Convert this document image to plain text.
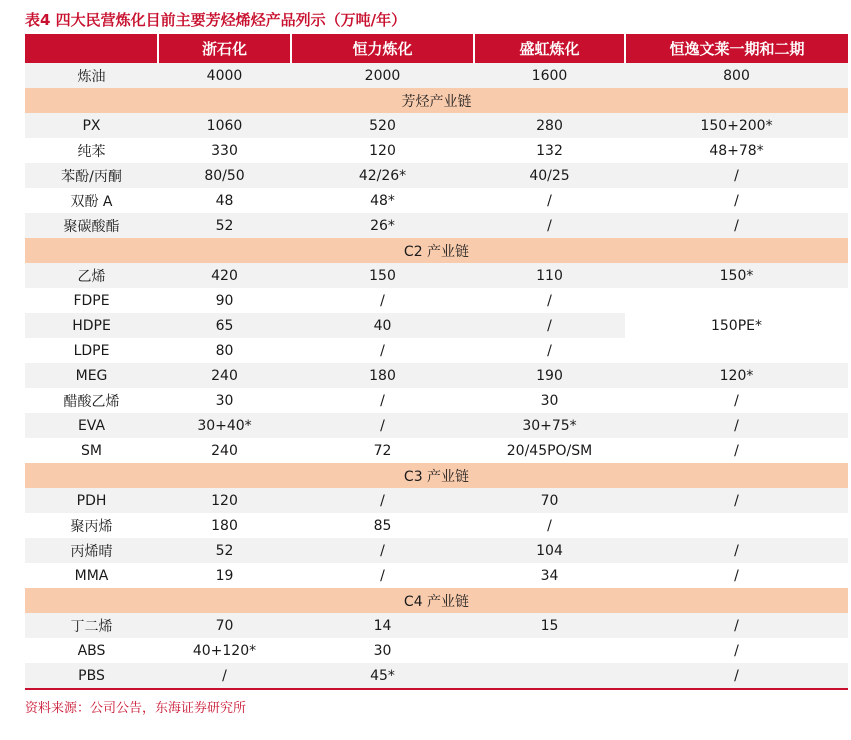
表4 四大民营炼化目前主要芳烃烯烃产品列示（万吨/年）
	浙石化	恒力炼化	盛虹炼化	恒逸文莱一期和二期
炼油	4000	2000	1600	800
芳烃产业链				
PX	1060	520	280	150+200*
纯苯	330	120	132	48+78*
苯酚/丙酮	80/50	42/26*	40/25	/
双酚 A	48	48*	/	/
聚碳酸酯	52	26*	/	/
C2 产业链				
乙烯	420	150	110	150*
FDPE	90	/	/	150PE*
HDPE	65	40	/	
LDPE	80	/	/	
MEG	240	180	190	120*
醋酸乙烯	30	/	30	/
EVA	30+40*	/	30+75*	/
SM	240	72	20/45PO/SM	/
C3 产业链				
PDH	120	/	70	/
聚丙烯	180	85	/	
丙烯晴	52	/	104	/
MMA	19	/	34	/
C4 产业链				
丁二烯	70	14	15	/
ABS	40+120*	30		/
PBS	/	45*		/
资料来源：公司公告，东海证券研究所
